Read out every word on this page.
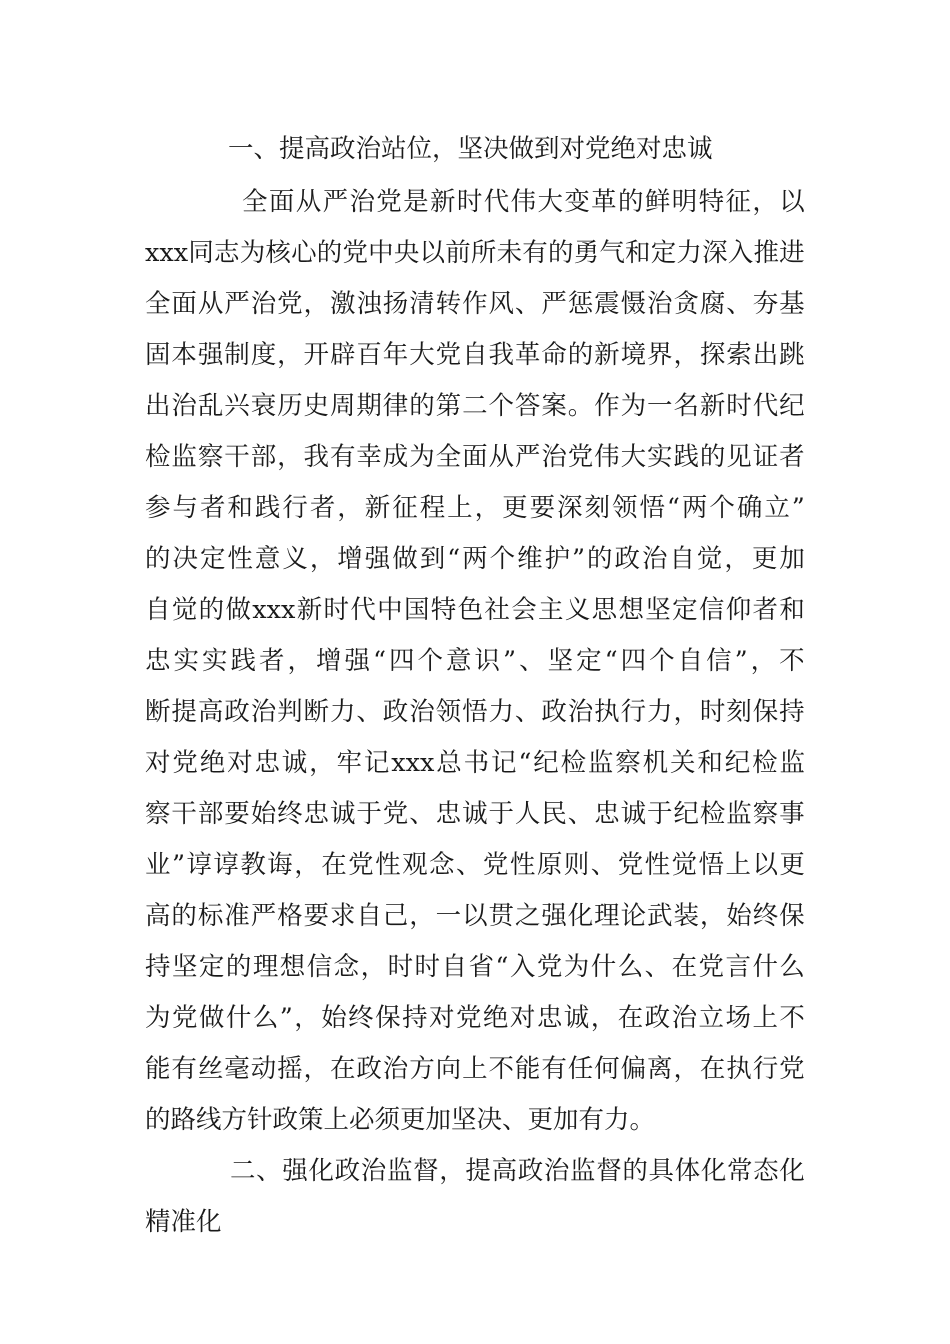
一、提高政治站位，坚决做到对党绝对忠诚

全 面 从 严 治 党 是 新 时 代 伟 大 变 革 的 鲜 明 特 征 ， 以

xxx 同 志 为 核 心 的 党 中 央 以 前 所 未 有 的 勇 气 和 定 力 深 入 推 进

全 面 从 严 治 党 ， 激 浊 扬 清 转 作 风 、 严 惩 震 慑 治 贪 腐 、 夯 基

固 本 强 制 度 ， 开 辟 百 年 大 党 自 我 革 命 的 新 境 界 ， 探 索 出 跳

出 治 乱 兴 衰 历 史 周 期 律 的 第 二 个 答 案 。 作 为 一 名 新 时 代 纪

检 监 察 干 部 ， 我 有 幸 成 为 全 面 从 严 治 党 伟 大 实 践 的 见 证 者

参 与 者 和 践 行 者 ， 新 征 程 上 ， 更 要 深 刻 领 悟 “ 两 个 确 立 ”

的 决 定 性 意 义 ， 增 强 做 到 “ 两 个 维 护 ” 的 政 治 自 觉 ， 更 加

自 觉 的 做 xxx 新 时 代 中 国 特 色 社 会 主 义 思 想 坚 定 信 仰 者 和

忠 实 实 践 者 ， 增 强 “ 四 个 意 识 ” 、 坚 定 “ 四 个 自 信 ” ， 不

断 提 高 政 治 判 断 力 、 政 治 领 悟 力 、 政 治 执 行 力 ， 时 刻 保 持

对 党 绝 对 忠 诚 ， 牢 记 xxx 总 书 记 “ 纪 检 监 察 机 关 和 纪 检 监

察 干 部 要 始 终 忠 诚 于 党 、 忠 诚 于 人 民 、 忠 诚 于 纪 检 监 察 事

业 ” 谆 谆 教 诲 ， 在 党 性 观 念 、 党 性 原 则 、 党 性 觉 悟 上 以 更

高 的 标 准 严 格 要 求 自 己 ， 一 以 贯 之 强 化 理 论 武 装 ， 始 终 保

持 坚 定 的 理 想 信 念 ， 时 时 自 省 “ 入 党 为 什 么 、 在 党 言 什 么

为 党 做 什 么 ” ， 始 终 保 持 对 党 绝 对 忠 诚 ， 在 政 治 立 场 上 不

能 有 丝 毫 动 摇 ， 在 政 治 方 向 上 不 能 有 任 何 偏 离 ， 在 执 行 党

的路线方针政策上必须更加坚决、更加有力。

二 、 强 化 政 治 监 督 ， 提 高 政 治 监 督 的 具 体 化 常 态 化

精准化
